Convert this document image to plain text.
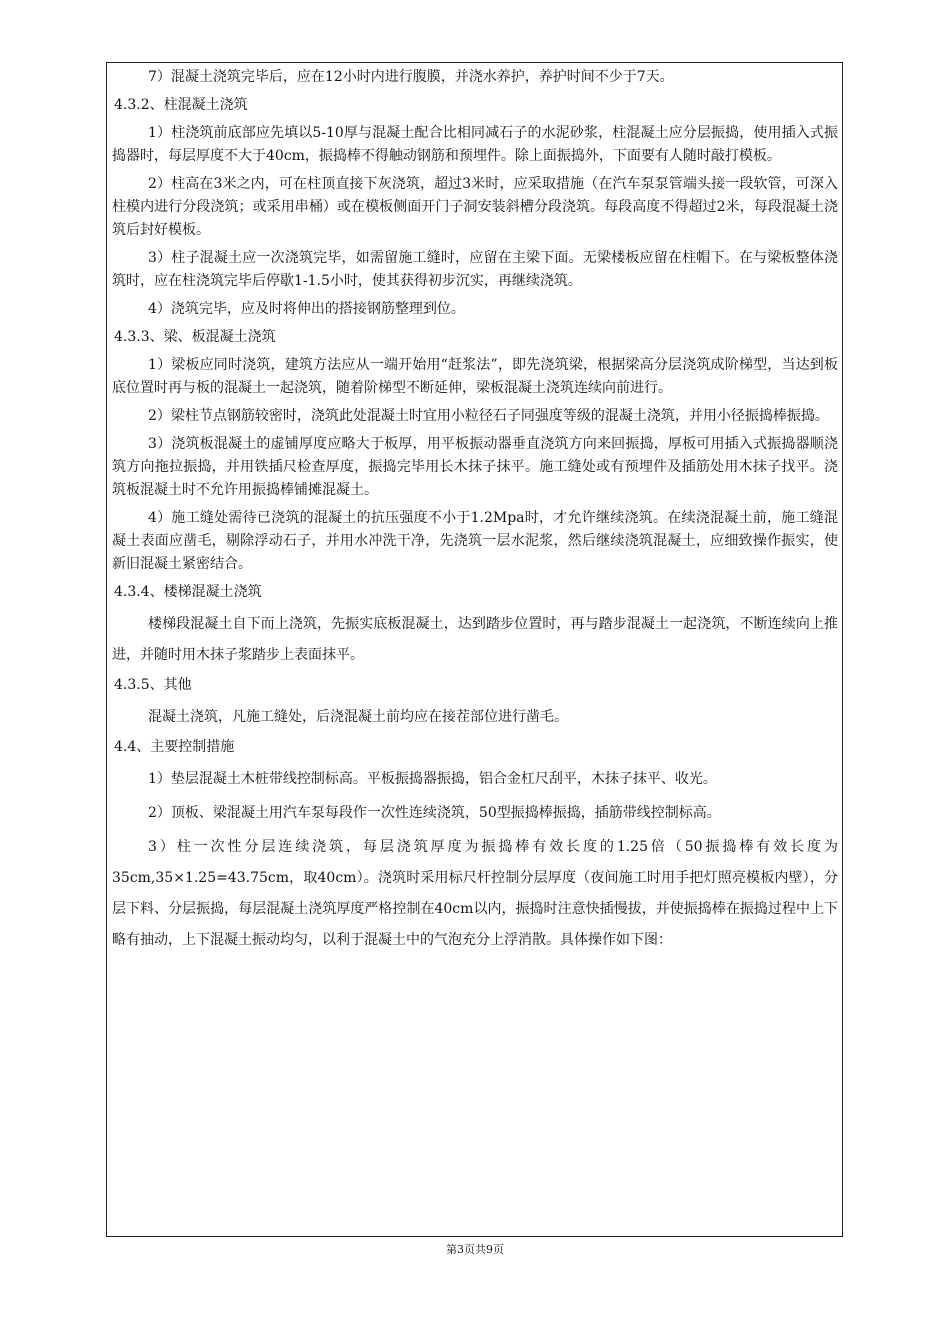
7）混凝土浇筑完毕后，应在12小时内进行腹膜，并浇水养护，养护时间不少于7天。
4.3.2、柱混凝土浇筑
1）柱浇筑前底部应先填以5-10厚与混凝土配合比相同减石子的水泥砂浆，柱混凝土应分层振捣，使用插入式振捣器时，每层厚度不大于40cm，振捣棒不得触动钢筋和预埋件。除上面振捣外，下面要有人随时敲打模板。
2）柱高在3米之内，可在柱顶直接下灰浇筑，超过3米时，应采取措施（在汽车泵泵管端头接一段软管，可深入柱模内进行分段浇筑；或采用串桶）或在模板侧面开门子洞安装斜槽分段浇筑。每段高度不得超过2米，每段混凝土浇筑后封好模板。
3）柱子混凝土应一次浇筑完毕，如需留施工缝时，应留在主梁下面。无梁楼板应留在柱帽下。在与梁板整体浇筑时，应在柱浇筑完毕后停歇1-1.5小时，使其获得初步沉实，再继续浇筑。
4）浇筑完毕，应及时将伸出的搭接钢筋整理到位。
4.3.3、梁、板混凝土浇筑
1）梁板应同时浇筑，建筑方法应从一端开始用“赶浆法”，即先浇筑梁，根据梁高分层浇筑成阶梯型，当达到板底位置时再与板的混凝土一起浇筑，随着阶梯型不断延伸，梁板混凝土浇筑连续向前进行。
2）梁柱节点钢筋较密时，浇筑此处混凝土时宜用小粒径石子同强度等级的混凝土浇筑，并用小径振捣棒振捣。
3）浇筑板混凝土的虚铺厚度应略大于板厚，用平板振动器垂直浇筑方向来回振捣，厚板可用插入式振捣器顺浇筑方向拖拉振捣，并用铁插尺检查厚度，振捣完毕用长木抹子抹平。施工缝处或有预埋件及插筋处用木抹子找平。浇筑板混凝土时不允许用振捣棒铺摊混凝土。
4）施工缝处需待已浇筑的混凝土的抗压强度不小于1.2Mpa时，才允许继续浇筑。在续浇混凝土前，施工缝混凝土表面应凿毛，剔除浮动石子，并用水冲洗干净，先浇筑一层水泥浆，然后继续浇筑混凝土，应细致操作振实，使新旧混凝土紧密结合。
4.3.4、楼梯混凝土浇筑
楼梯段混凝土自下而上浇筑，先振实底板混凝土，达到踏步位置时，再与踏步混凝土一起浇筑，不断连续向上推进，并随时用木抹子浆踏步上表面抹平。
4.3.5、其他
混凝土浇筑，凡施工缝处，后浇混凝土前均应在接茬部位进行凿毛。
4.4、主要控制措施
1）垫层混凝土木桩带线控制标高。平板振捣器振捣，铝合金杠尺刮平，木抹子抹平、收光。
2）顶板、梁混凝土用汽车泵每段作一次性连续浇筑，50型振捣棒振捣，插筋带线控制标高。
3）柱一次性分层连续浇筑，每层浇筑厚度为振捣棒有效长度的1.25倍（50振捣棒有效长度为35cm,35×1.25=43.75cm，取40cm）。浇筑时采用标尺杆控制分层厚度（夜间施工时用手把灯照亮模板内壁），分层下料、分层振捣，每层混凝土浇筑厚度严格控制在40cm以内，振捣时注意快插慢拔，并使振捣棒在振捣过程中上下略有抽动，上下混凝土振动均匀，以利于混凝土中的气泡充分上浮消散。具体操作如下图：
第3页共9页
